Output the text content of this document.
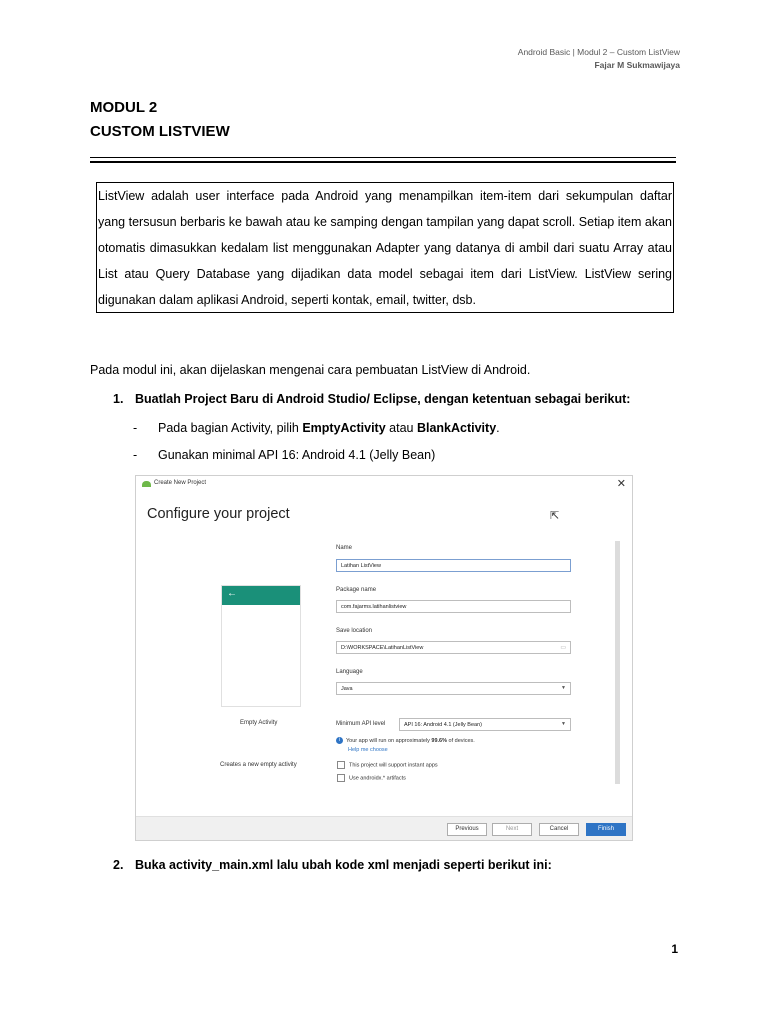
Android Basic | Modul 2 – Custom ListView
Fajar M Sukmawijaya
MODUL 2
CUSTOM LISTVIEW

ListView adalah user interface pada Android yang menampilkan item-item dari sekumpulan daftar

yang tersusun berbaris ke bawah atau ke samping dengan tampilan yang dapat scroll. Setiap item akan

otomatis dimasukkan kedalam list menggunakan Adapter yang datanya di ambil dari suatu Array atau

List atau Query Database yang dijadikan data model sebagai item dari ListView. ListView sering

digunakan dalam aplikasi Android, seperti kontak, email, twitter, dsb.

Pada modul ini, akan dijelaskan mengenai cara pembuatan ListView di Android.
1. Buatlah Project Baru di Android Studio/ Eclipse, dengan ketentuan sebagai berikut:
- Pada bagian Activity, pilih EmptyActivity atau BlankActivity.
- Gunakan minimal API 16: Android 4.1 (Jelly Bean)
Create New Project	✕
Configure your project	⇱
←
Empty Activity
Creates a new empty activity
Name
Latihan ListView
Package name
com.fajarms.latihanlistview
Save location
D:\WORKSPACE\LatihanListView	▭
Language
Java	▼
Minimum API level	API 16: Android 4.1 (Jelly Bean)	▼
i Your app will run on approximately 99.6% of devices.
Help me choose
This project will support instant apps
Use androidx.* artifacts
Previous	Next	Cancel	Finish
2. Buka activity_main.xml lalu ubah kode xml menjadi seperti berikut ini:
1
